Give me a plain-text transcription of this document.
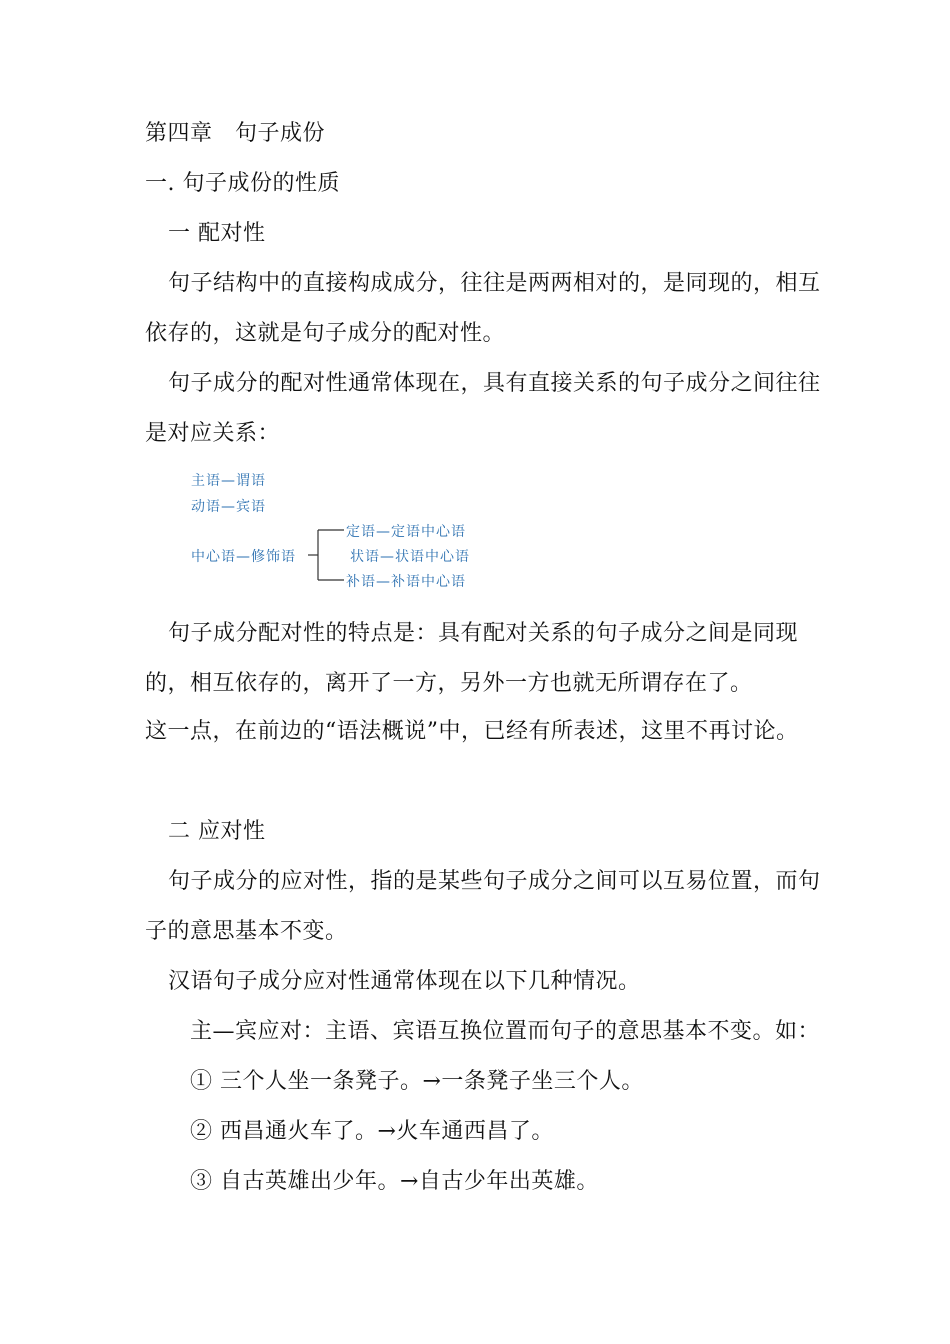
第四章　句子成份
一. 句子成份的性质
一 配对性
句子结构中的直接构成成分，往往是两两相对的，是同现的，相互
依存的，这就是句子成分的配对性。
句子成分的配对性通常体现在，具有直接关系的句子成分之间往往
是对应关系：
主语—谓语
动语—宾语
中心语—修饰语
定语—定语中心语
状语—状语中心语
补语—补语中心语
句子成分配对性的特点是：具有配对关系的句子成分之间是同现
的，相互依存的，离开了一方，另外一方也就无所谓存在了。
这一点，在前边的“语法概说”中，已经有所表述，这里不再讨论。
二 应对性
句子成分的应对性，指的是某些句子成分之间可以互易位置，而句
子的意思基本不变。
汉语句子成分应对性通常体现在以下几种情况。
主—宾应对：主语、宾语互换位置而句子的意思基本不变。如：
① 三个人坐一条凳子。→一条凳子坐三个人。
② 西昌通火车了。→火车通西昌了。
③ 自古英雄出少年。→自古少年出英雄。
